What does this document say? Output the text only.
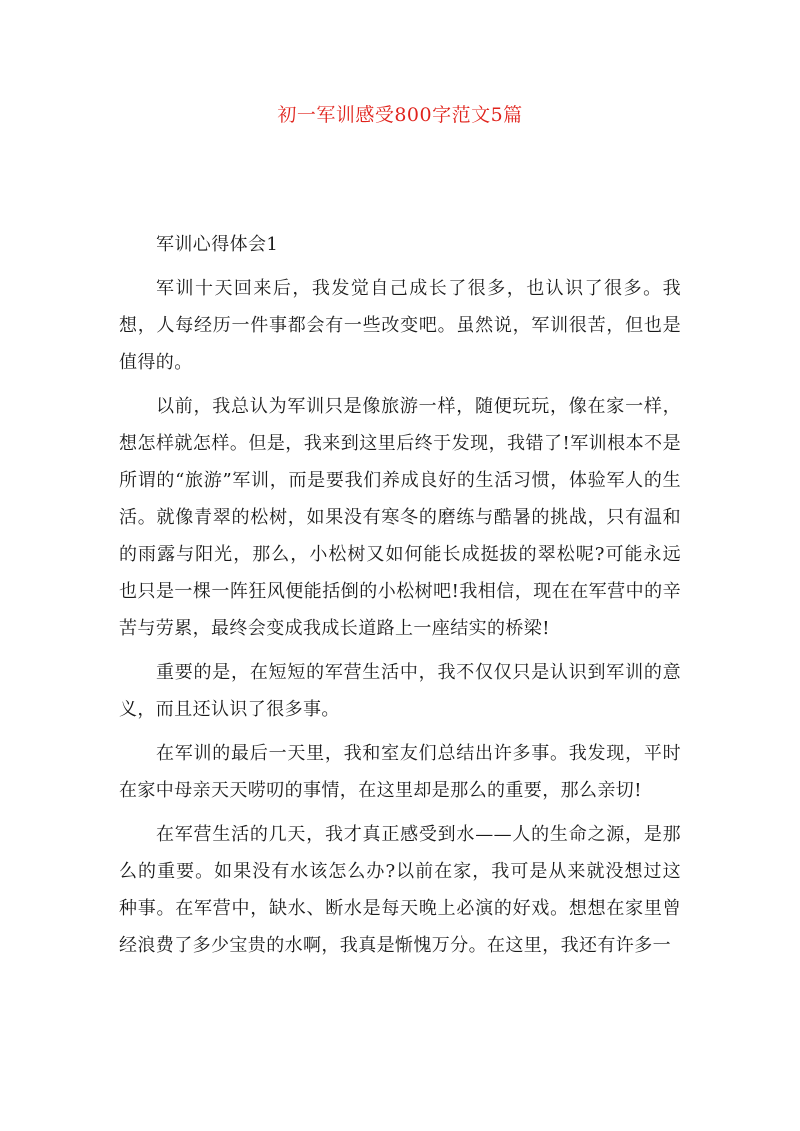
初一军训感受800字范文5篇

军训心得体会1

军训十天回来后，我发觉自己成长了很多，也认识了很多。我想，人每经历一件事都会有一些改变吧。虽然说，军训很苦，但也是值得的。

以前，我总认为军训只是像旅游一样，随便玩玩，像在家一样，想怎样就怎样。但是，我来到这里后终于发现，我错了!军训根本不是所谓的“旅游”军训，而是要我们养成良好的生活习惯，体验军人的生活。就像青翠的松树，如果没有寒冬的磨练与酷暑的挑战，只有温和的雨露与阳光，那么，小松树又如何能长成挺拔的翠松呢?可能永远也只是一棵一阵狂风便能括倒的小松树吧!我相信，现在在军营中的辛苦与劳累，最终会变成我成长道路上一座结实的桥梁!

重要的是，在短短的军营生活中，我不仅仅只是认识到军训的意义，而且还认识了很多事。

在军训的最后一天里，我和室友们总结出许多事。我发现，平时在家中母亲天天唠叨的事情，在这里却是那么的重要，那么亲切!

在军营生活的几天，我才真正感受到水——人的生命之源，是那么的重要。如果没有水该怎么办?以前在家，我可是从来就没想过这种事。在军营中，缺水、断水是每天晚上必演的好戏。想想在家里曾经浪费了多少宝贵的水啊，我真是惭愧万分。在这里，我还有许多一
